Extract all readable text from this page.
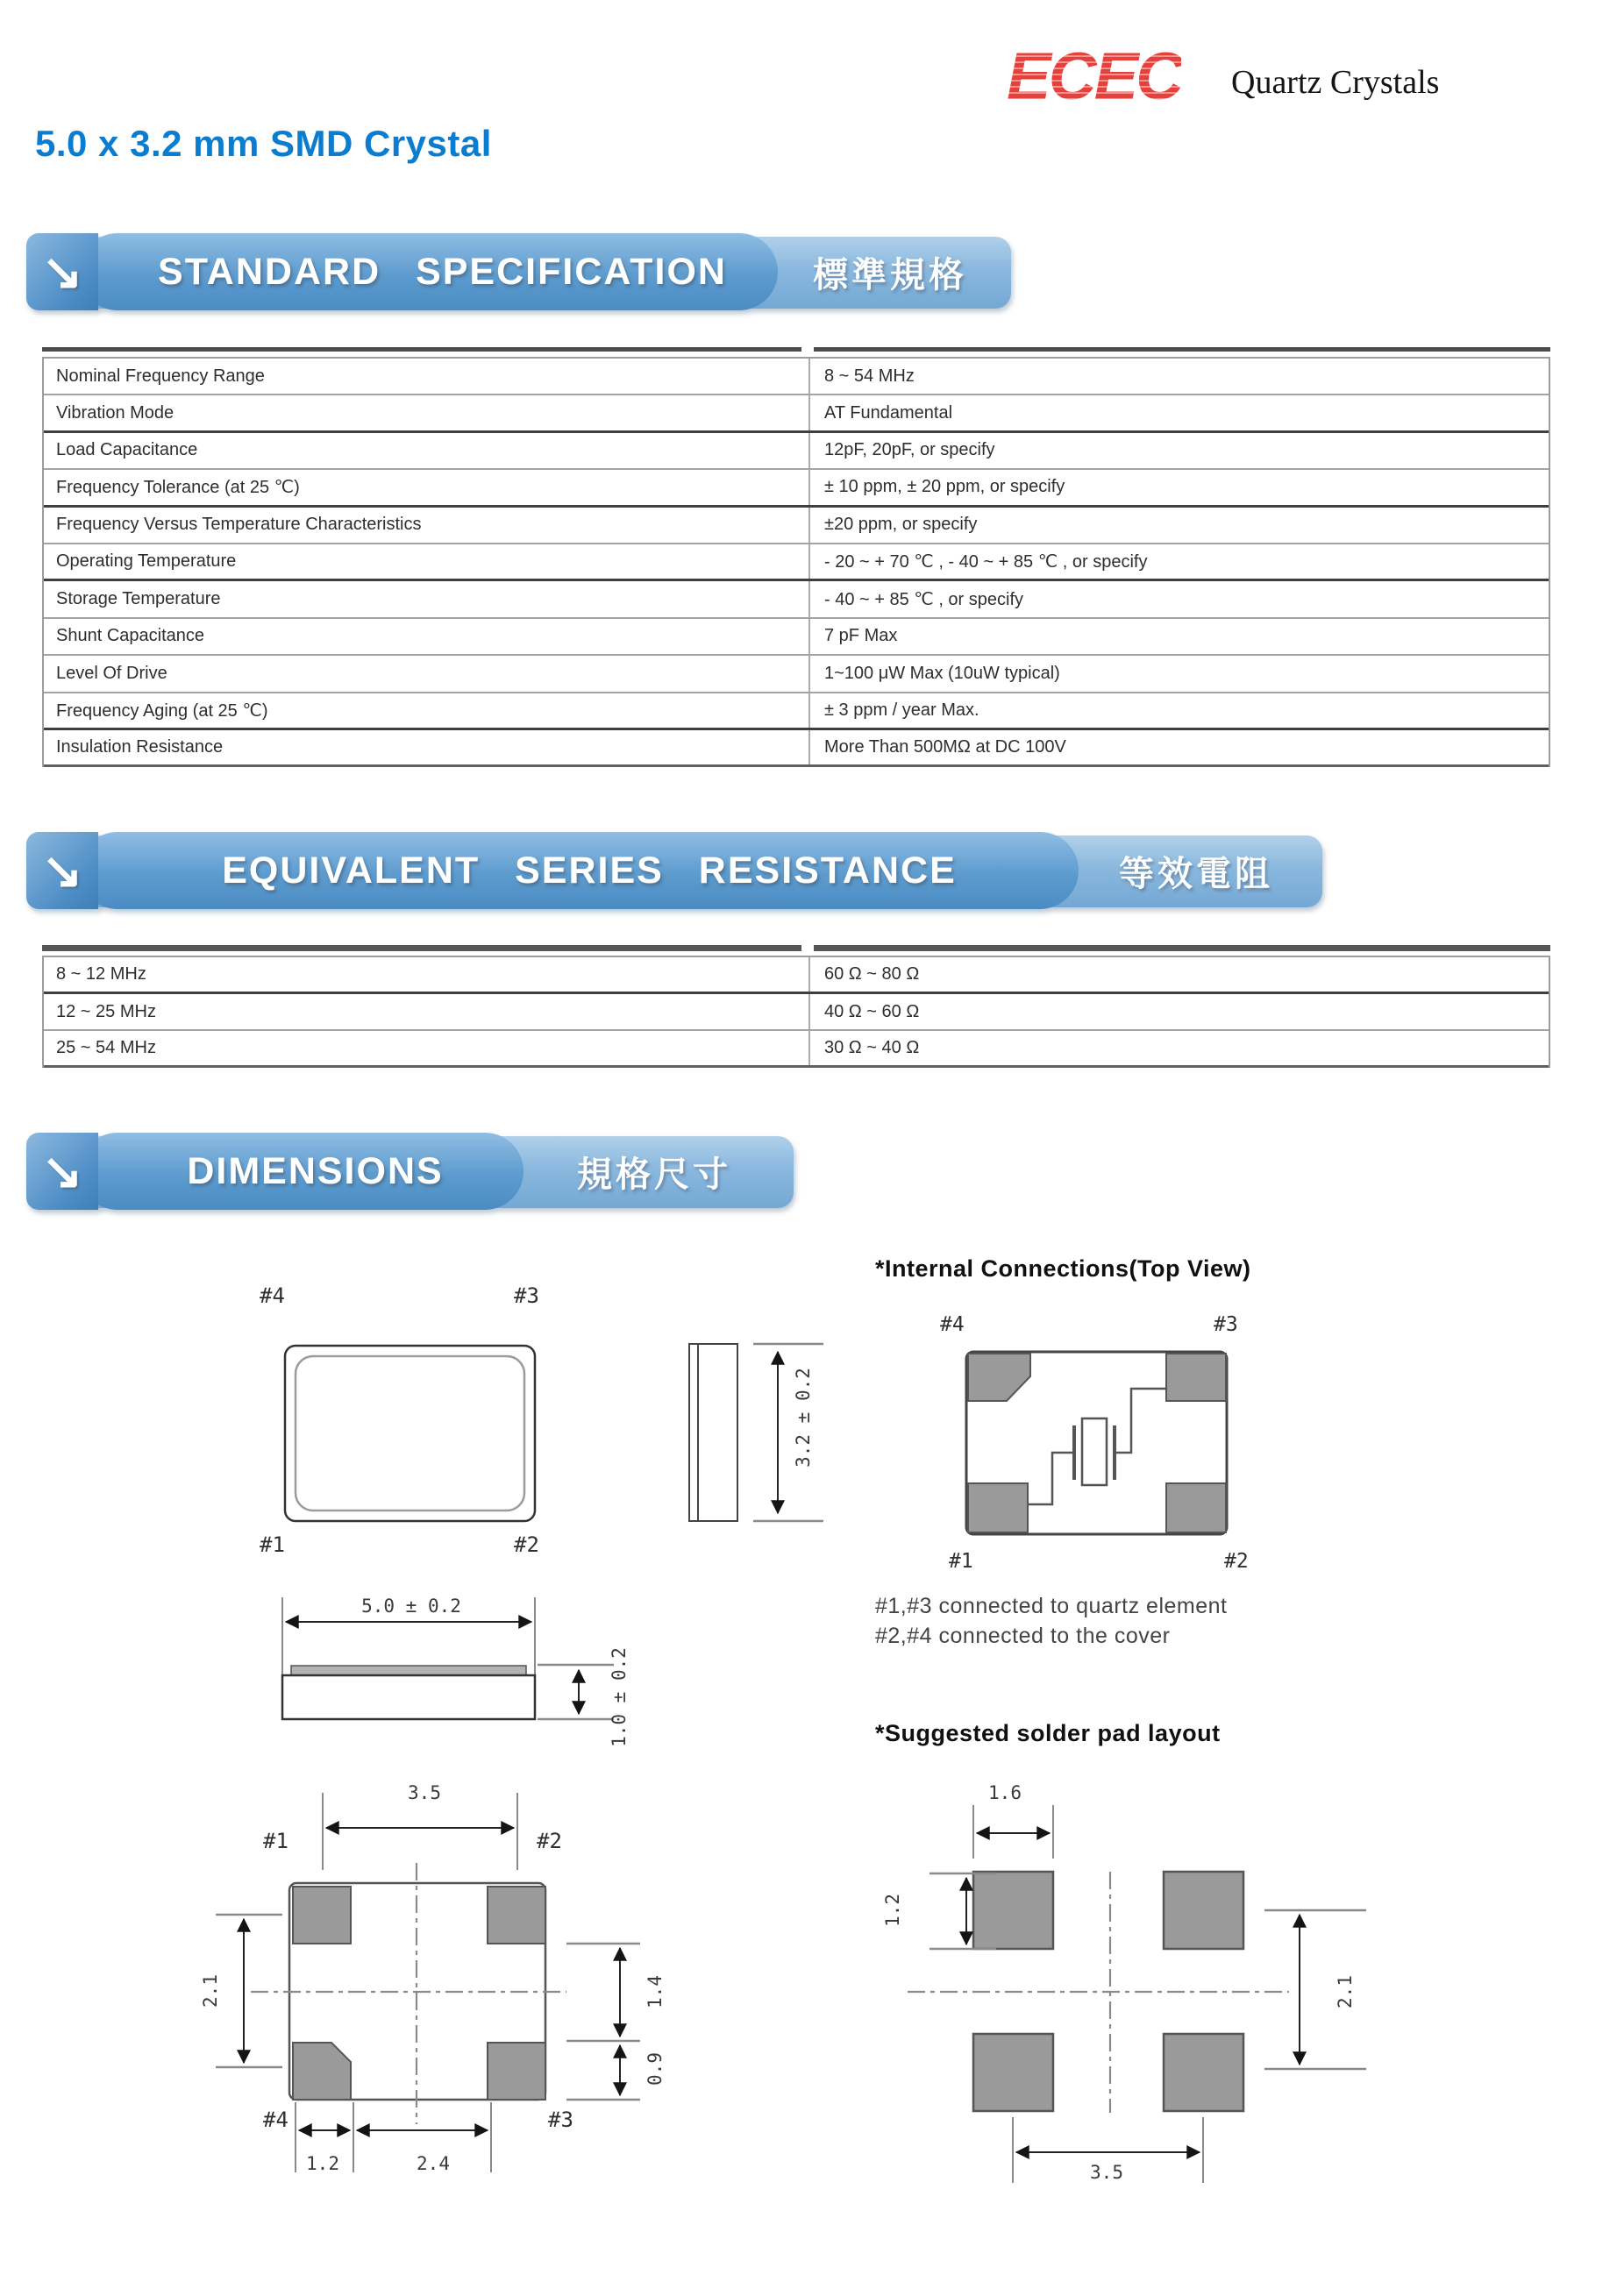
ECEC Quartz Crystals
5.0 x 3.2 mm SMD Crystal
↘	STANDARD SPECIFICATION	標準規格
Nominal Frequency Range	8 ~ 54 MHz
Vibration Mode	AT Fundamental
Load Capacitance	12pF, 20pF, or specify
Frequency Tolerance (at 25 ℃)	± 10 ppm, ± 20 ppm, or specify
Frequency Versus Temperature Characteristics	±20 ppm, or specify
Operating Temperature	- 20 ~ + 70 ℃ , - 40 ~ + 85 ℃ , or specify
Storage Temperature	- 40 ~ + 85 ℃ , or specify
Shunt Capacitance	7 pF Max
Level Of Drive	1~100 μW Max (10uW typical)
Frequency Aging (at 25 ℃)	± 3 ppm / year Max.
Insulation Resistance	More Than 500MΩ at DC 100V
↘	EQUIVALENT SERIES RESISTANCE	等效電阻
8 ~ 12 MHz	60 Ω ~ 80 Ω
12 ~ 25 MHz	40 Ω ~ 60 Ω
25 ~ 54 MHz	30 Ω ~ 40 Ω
↘	DIMENSIONS	規格尺寸
#4	#3
#1	#2
3.2 ± 0.2
*Internal Connections(Top View)
#4	#3
#1	#2
#1,#3 connected to quartz element
#2,#4 connected to the cover
5.0 ± 0.2
1.0 ± 0.2
3.5
#1	#2
#4	#3
2.1	1.4
0.9
1.2	2.4
*Suggested solder pad layout
1.6
1.2
2.1
3.5
